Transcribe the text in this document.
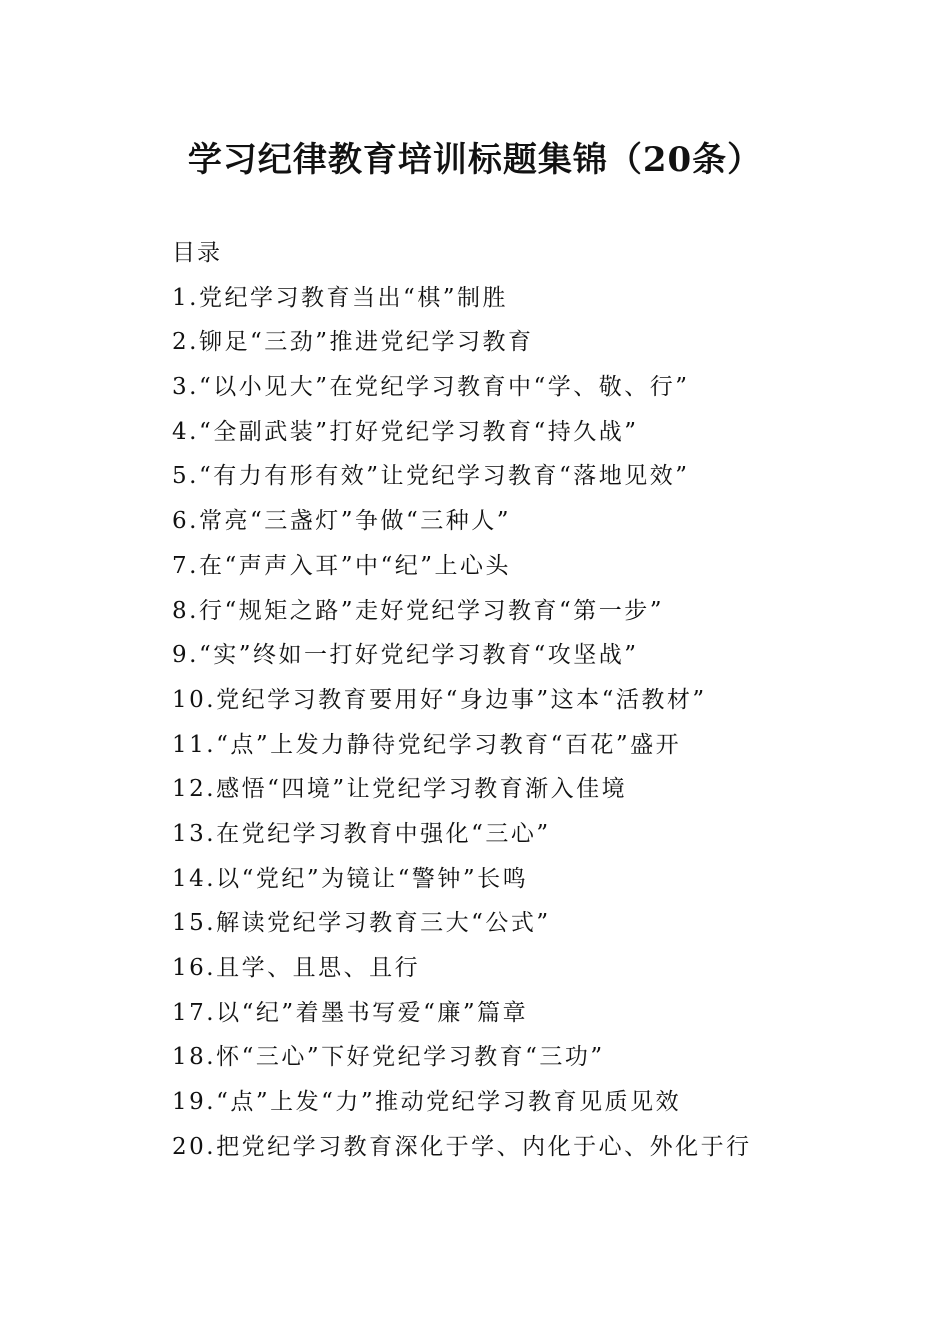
学习纪律教育培训标题集锦（20条）
目录
1.党纪学习教育当出“棋”制胜
2.铆足“三劲”推进党纪学习教育
3.“以小见大”在党纪学习教育中“学、敬、行”
4.“全副武装”打好党纪学习教育“持久战”
5.“有力有形有效”让党纪学习教育“落地见效”
6.常亮“三盏灯”争做“三种人”
7.在“声声入耳”中“纪”上心头
8.行“规矩之路”走好党纪学习教育“第一步”
9.“实”终如一打好党纪学习教育“攻坚战”
10.党纪学习教育要用好“身边事”这本“活教材”
11.“点”上发力静待党纪学习教育“百花”盛开
12.感悟“四境”让党纪学习教育渐入佳境
13.在党纪学习教育中强化“三心”
14.以“党纪”为镜让“警钟”长鸣
15.解读党纪学习教育三大“公式”
16.且学、且思、且行
17.以“纪”着墨书写爱“廉”篇章
18.怀“三心”下好党纪学习教育“三功”
19.“点”上发“力”推动党纪学习教育见质见效
20.把党纪学习教育深化于学、内化于心、外化于行
